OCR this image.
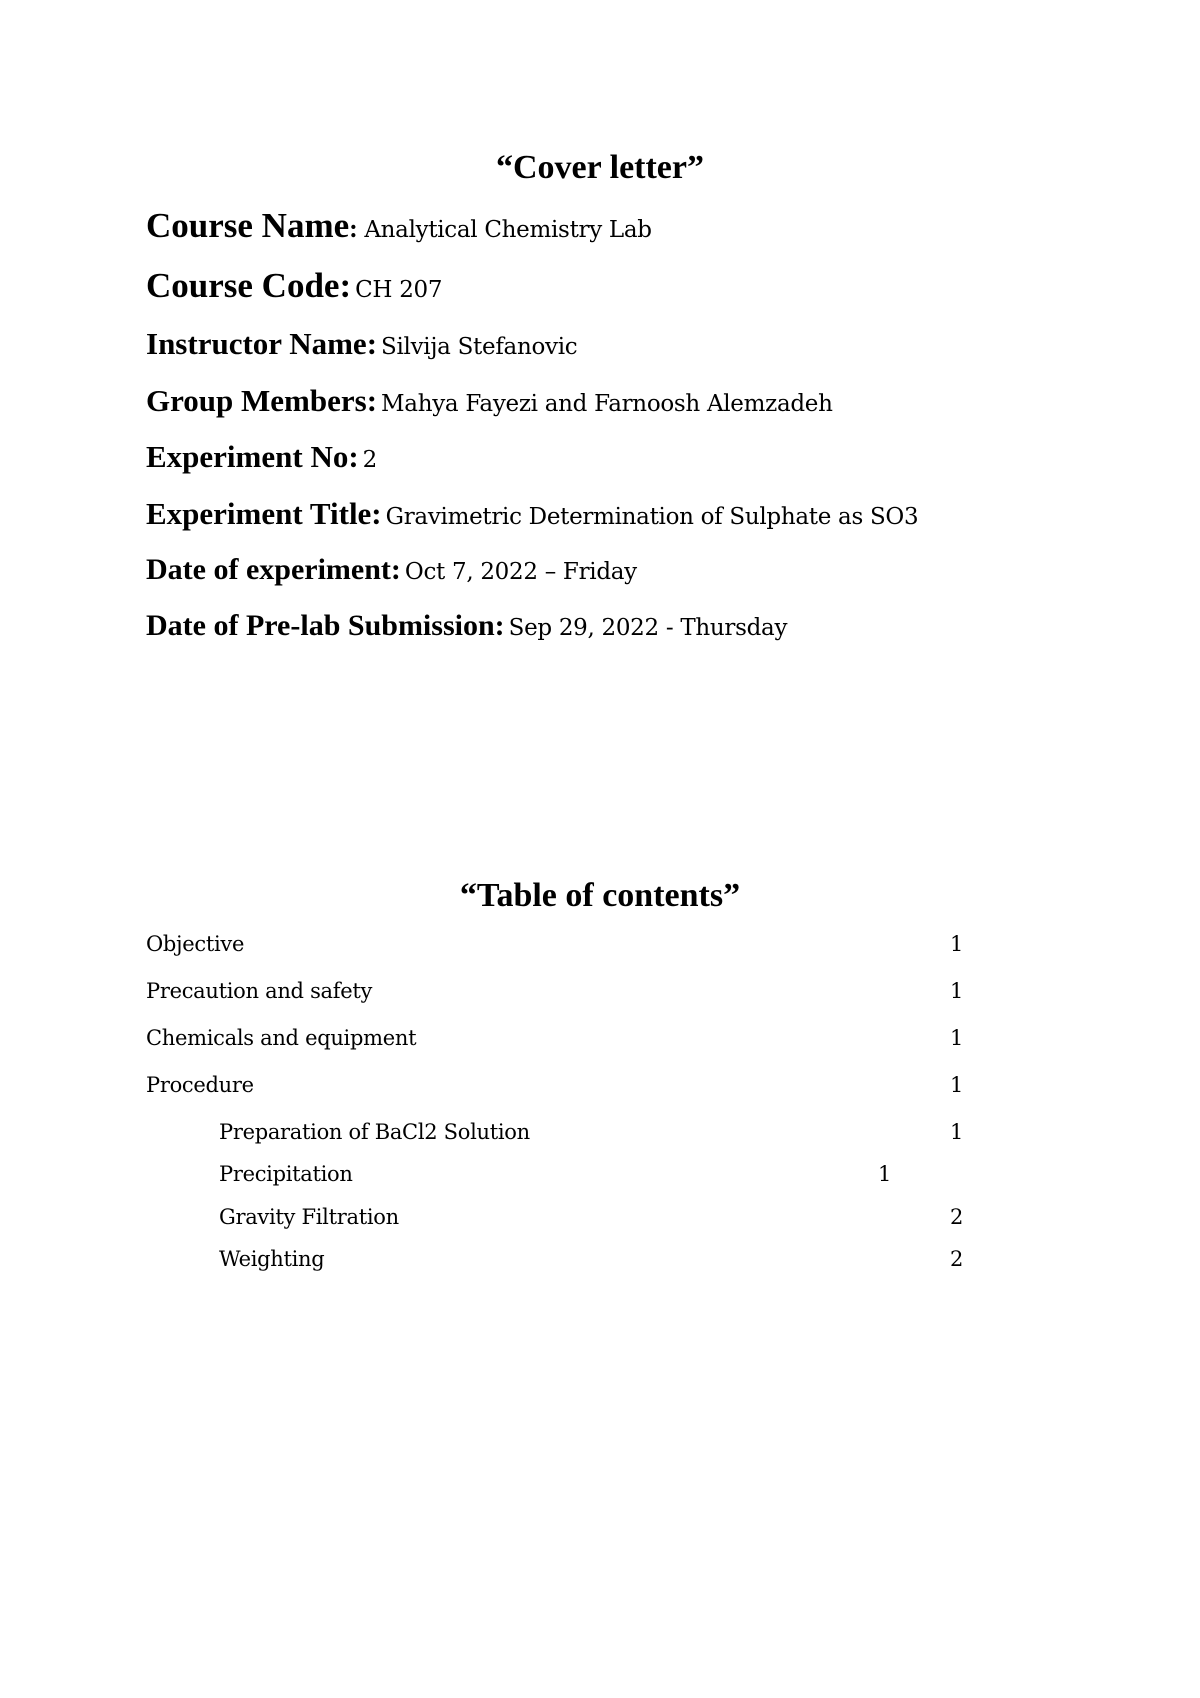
“Cover letter”
Course Name: Analytical Chemistry Lab
Course Code: CH 207
Instructor Name: Silvija Stefanovic
Group Members: Mahya Fayezi and Farnoosh Alemzadeh
Experiment No: 2
Experiment Title: Gravimetric Determination of Sulphate as SO3
Date of experiment: Oct 7, 2022 – Friday
Date of Pre-lab Submission: Sep 29, 2022 - Thursday
“Table of contents”
Objective	1
Precaution and safety	1
Chemicals and equipment	1
Procedure	1
Preparation of BaCl2 Solution	1
Precipitation	1
Gravity Filtration	2
Weighting	2
